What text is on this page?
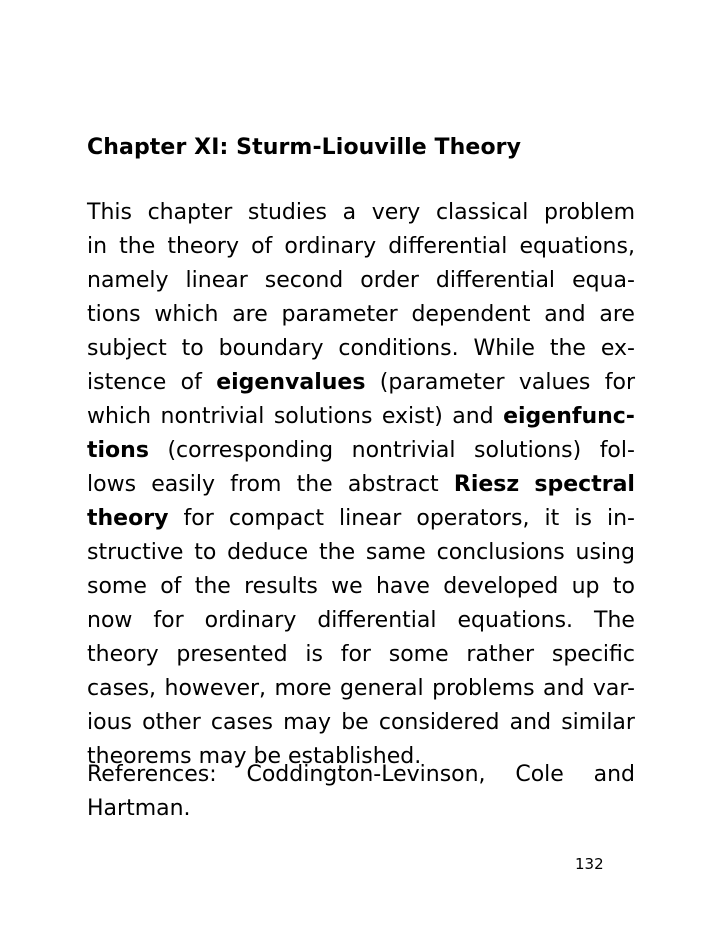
Chapter XI: Sturm-Liouville Theory
This chapter studies a very classical problem
in the theory of ordinary differential equations,
namely linear second order differential equa-
tions which are parameter dependent and are
subject to boundary conditions. While the ex-
istence of eigenvalues (parameter values for
which nontrivial solutions exist) and eigenfunc-
tions (corresponding nontrivial solutions) fol-
lows easily from the abstract Riesz spectral
theory for compact linear operators, it is in-
structive to deduce the same conclusions using
some of the results we have developed up to
now for ordinary differential equations. The
theory presented is for some rather specific
cases, however, more general problems and var-
ious other cases may be considered and similar
theorems may be established.
References: Coddington-Levinson, Cole and
Hartman.
132
